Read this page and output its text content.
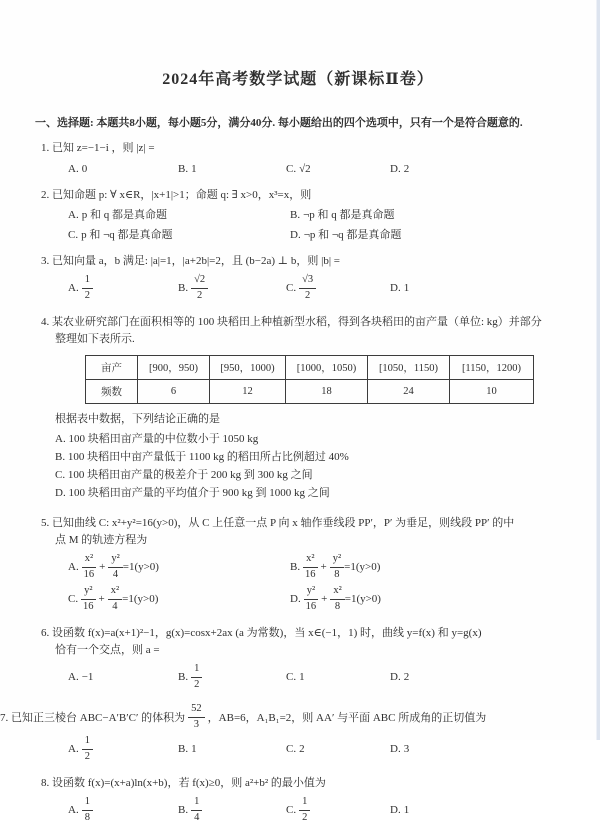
2024年高考数学试题（新课标Ⅱ卷）
一、选择题: 本题共8小题，每小题5分，满分40分. 每小题给出的四个选项中，只有一个是符合题意的.
1. 已知 z=−1−i ，则 |z| =
A. 0	B. 1	C. √2	D. 2
2. 已知命题 p: ∀ x∈R，|x+1|>1；命题 q: ∃ x>0，x³=x，则
A. p 和 q 都是真命题	B. ¬p 和 q 都是真命题
C. p 和 ¬q 都是真命题	D. ¬p 和 ¬q 都是真命题
3. 已知向量 a，b 满足: |a|=1，|a+2b|=2，且 (b−2a) ⊥ b，则 |b| =
A. $\frac{1}{2}$	B. $\frac{√2}{2}$	C. $\frac{√3}{2}$	D. 1
4. 某农业研究部门在面积相等的 100 块稻田上种植新型水稻，得到各块稻田的亩产量（单位: kg）并部分
整理如下表所示.
亩产	[900，950)	[950，1000)	[1000，1050)	[1050，1150)	[1150，1200)
频数	6	12	18	24	10
根据表中数据，下列结论正确的是
A. 100 块稻田亩产量的中位数小于 1050 kg
B. 100 块稻田中亩产量低于 1100 kg 的稻田所占比例超过 40%
C. 100 块稻田亩产量的极差介于 200 kg 到 300 kg 之间
D. 100 块稻田亩产量的平均值介于 900 kg 到 1000 kg 之间
5. 已知曲线 C: x²+y²=16(y>0)，从 C 上任意一点 P 向 x 轴作垂线段 PP′，P′ 为垂足，则线段 PP′ 的中
点 M 的轨迹方程为
A. $\frac{\text{x²}}{16} + \frac{\text{y²}}{4} =1(y>0)$	B. $\frac{\text{x²}}{16} + \frac{\text{y²}}{8} =1(y>0)$
C. $\frac{\text{y²}}{16} + \frac{\text{x²}}{4} =1(y>0)$	D. $\frac{\text{y²}}{16} + \frac{\text{x²}}{8} =1(y>0)$
6. 设函数 f(x)=a(x+1)²−1，g(x)=cosx+2ax (a 为常数)，当 x∈(−1，1) 时，曲线 y=f(x) 和 y=g(x)
恰有一个交点，则 a =
A. −1	B. $\frac{1}{2}$	C. 1	D. 2
7. 已知正三棱台 ABC−A′B′C′ 的体积为 $\frac{52}{3}$ ，AB=6，A₁B₁=2，则 AA′ 与平面 ABC 所成角的正切值为
A. $\frac{1}{2}$	B. 1	C. 2	D. 3
8. 设函数 f(x)=(x+a)ln(x+b)，若 f(x)≥0，则 a²+b² 的最小值为
A. $\frac{1}{8}$	B. $\frac{1}{4}$	C. $\frac{1}{2}$	D. 1
